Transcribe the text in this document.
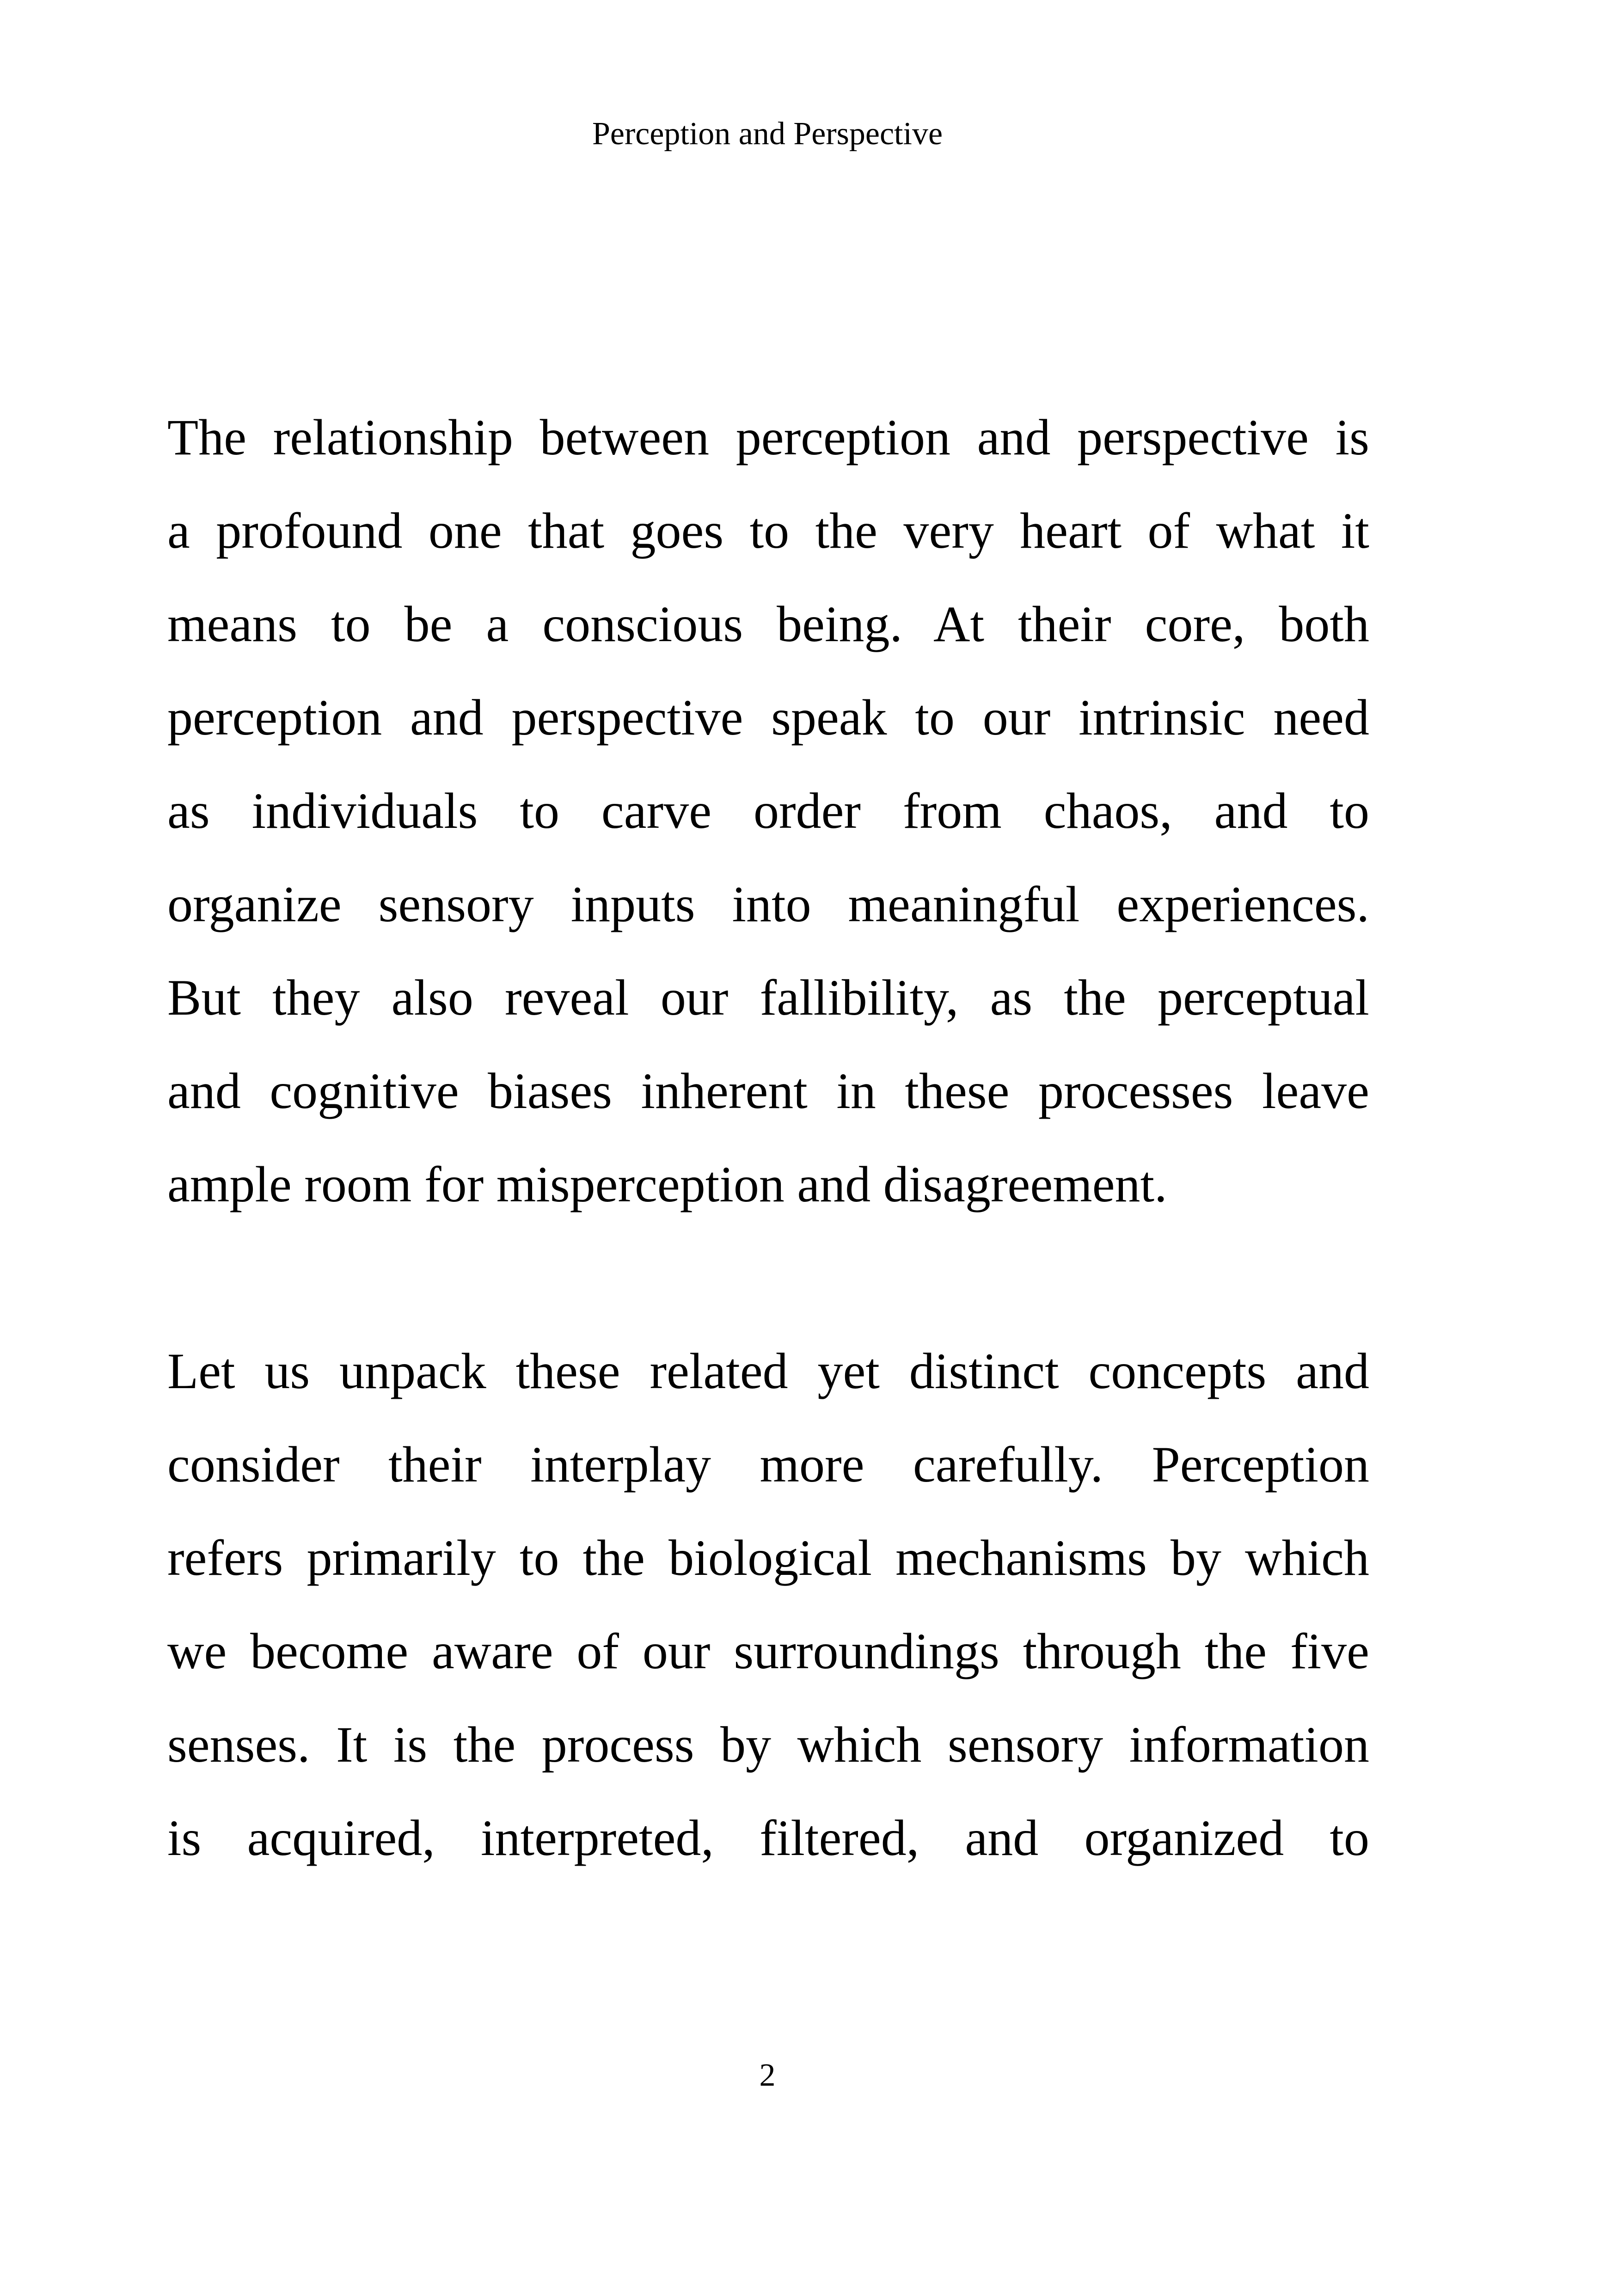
Perception and Perspective
The relationship between perception and perspective is
a profound one that goes to the very heart of what it
means to be a conscious being. At their core, both
perception and perspective speak to our intrinsic need
as individuals to carve order from chaos, and to
organize sensory inputs into meaningful experiences.
But they also reveal our fallibility, as the perceptual
and cognitive biases inherent in these processes leave
ample room for misperception and disagreement.
Let us unpack these related yet distinct concepts and
consider their interplay more carefully. Perception
refers primarily to the biological mechanisms by which
we become aware of our surroundings through the five
senses. It is the process by which sensory information
is acquired, interpreted, filtered, and organized to
2
